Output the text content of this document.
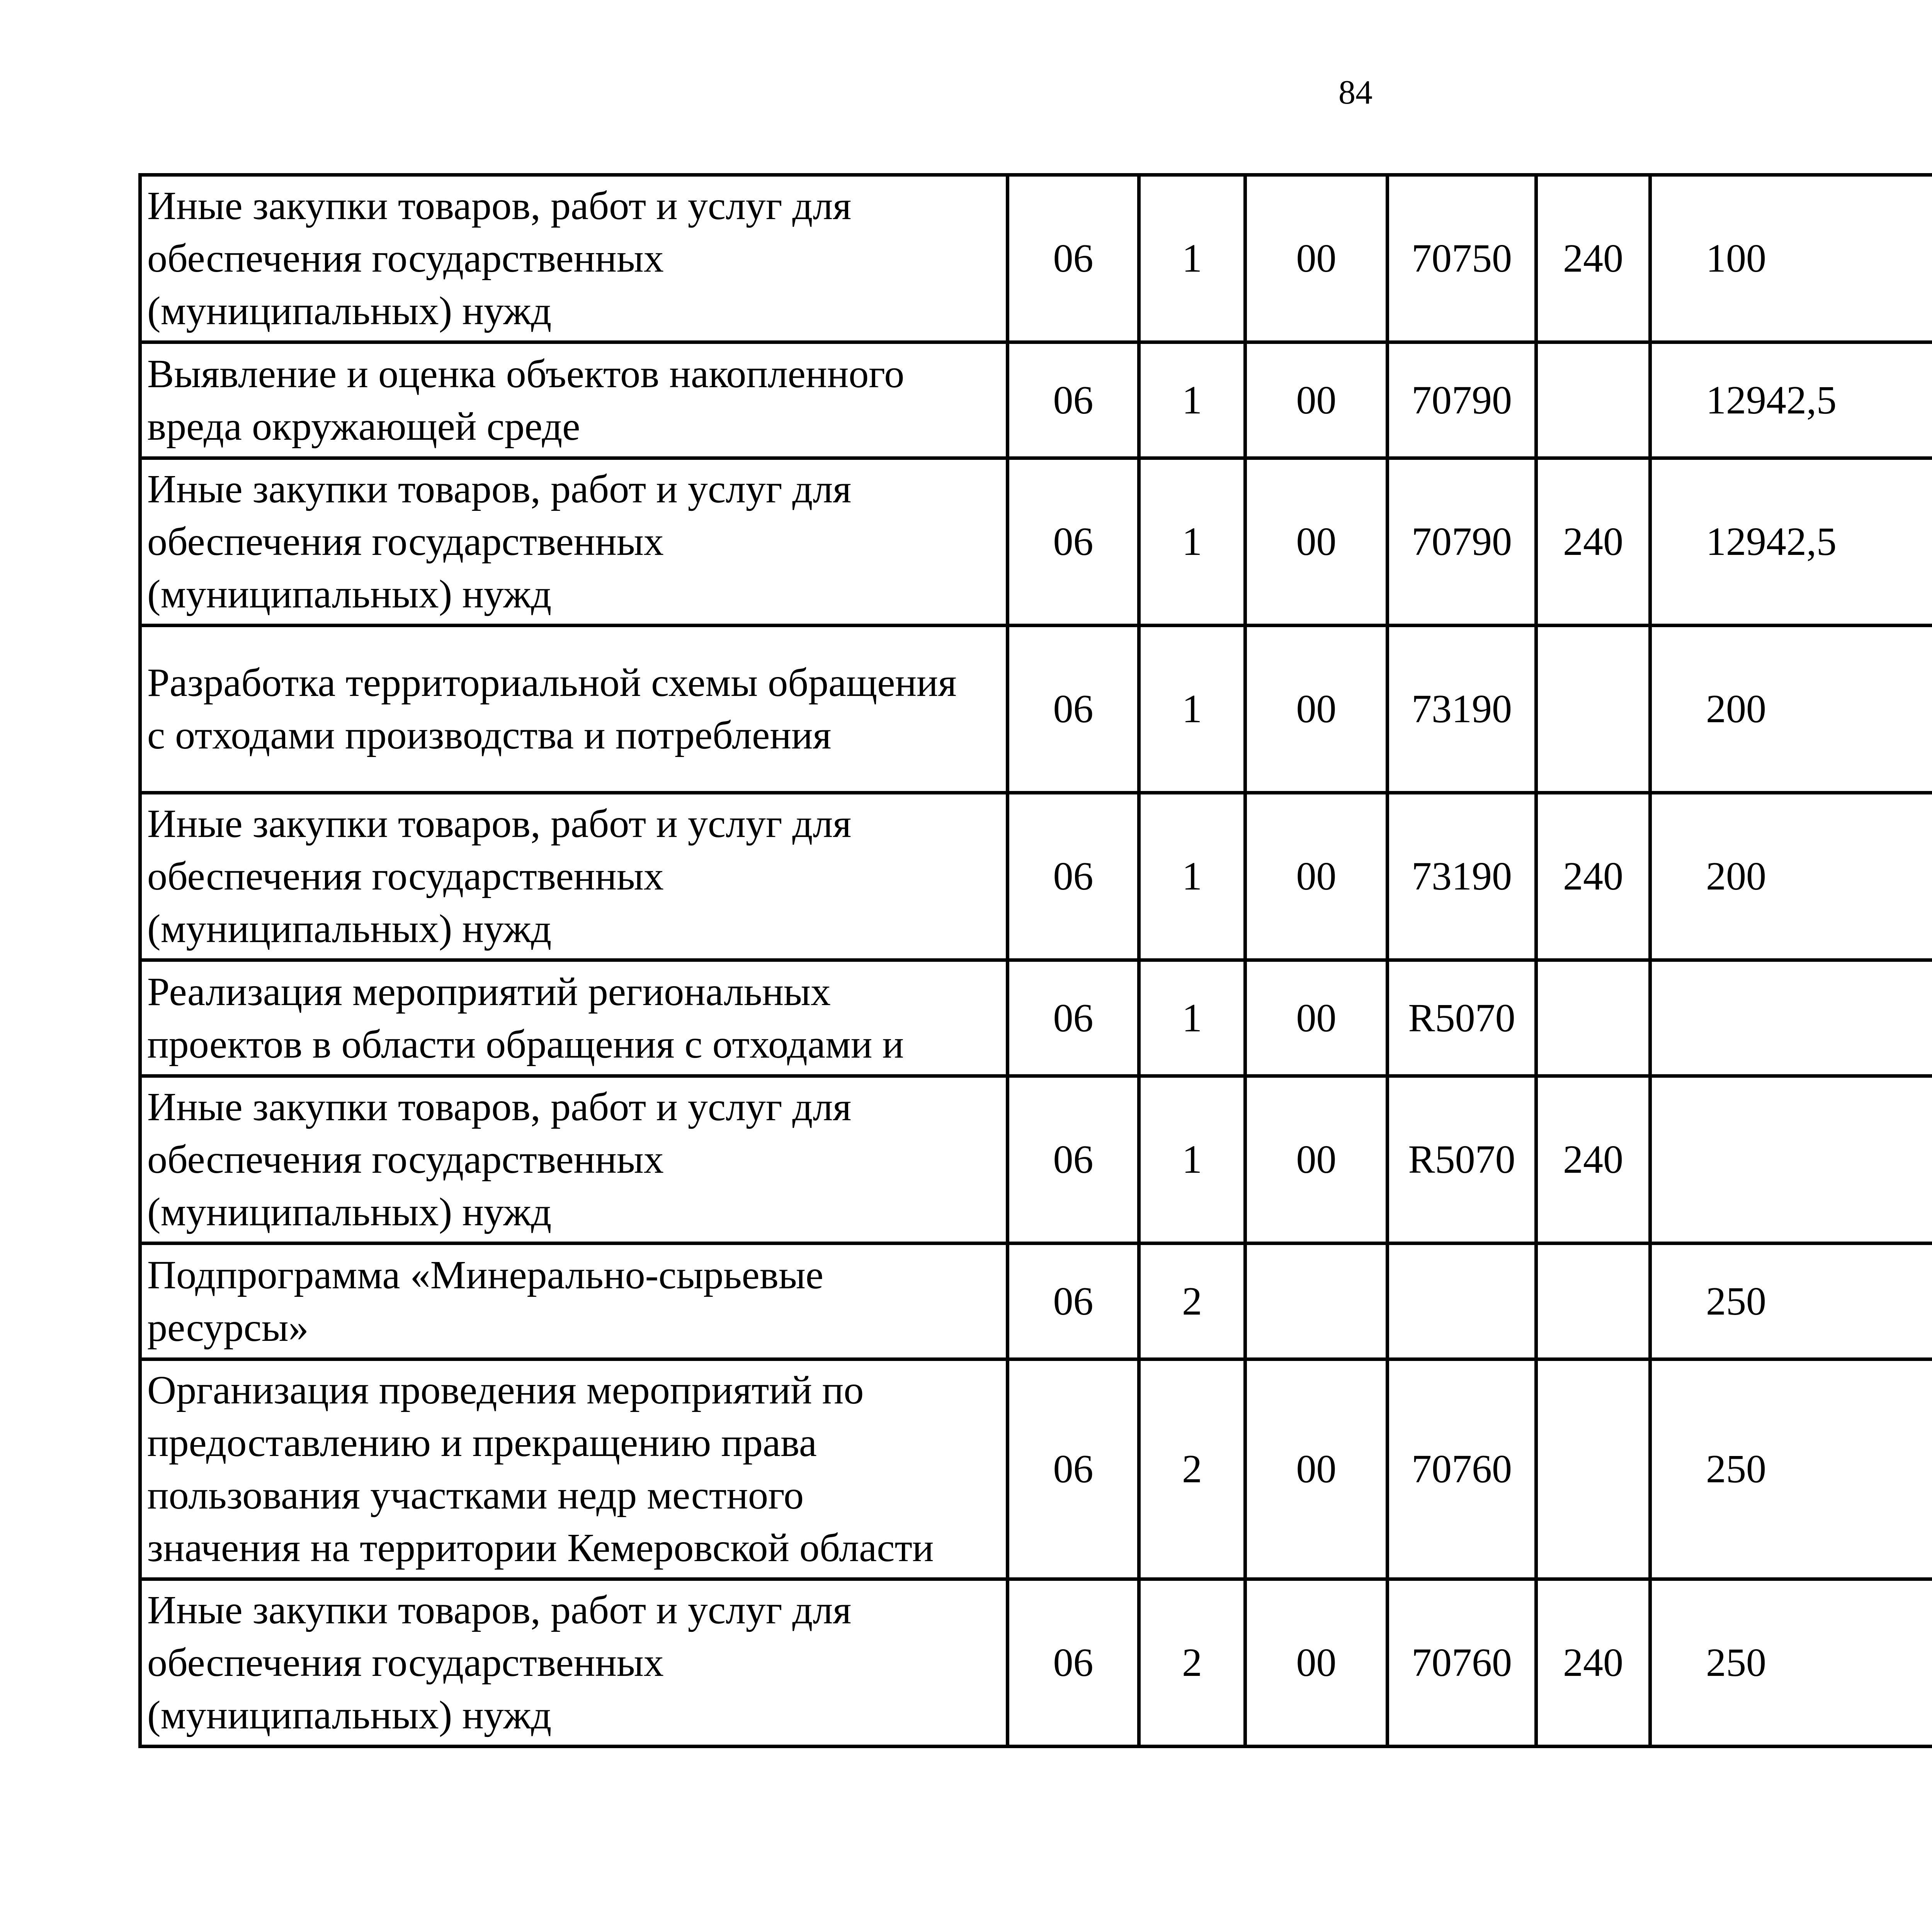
84
Иные закупки товаров, работ и услуг для
обеспечения государственных
(муниципальных) нужд	06	1	00	70750	240	100		

Выявление и оценка объектов накопленного
вреда окружающей среде	06	1	00	70790		12942,5		

Иные закупки товаров, работ и услуг для
обеспечения государственных
(муниципальных) нужд	06	1	00	70790	240	12942,5		

Разработка территориальной схемы обращения
с отходами производства и потребления	06	1	00	73190		200		

Иные закупки товаров, работ и услуг для
обеспечения государственных
(муниципальных) нужд	06	1	00	73190	240	200		

Реализация мероприятий региональных
проектов в области обращения с отходами и	06	1	00	R5070				

Иные закупки товаров, работ и услуг для
обеспечения государственных
(муниципальных) нужд	06	1	00	R5070	240			

Подпрограмма «Минерально-сырьевые
ресурсы»	06	2				250		

Организация проведения мероприятий по
предоставлению и прекращению права
пользования участками недр местного
значения на территории Кемеровской области	06	2	00	70760		250		

Иные закупки товаров, работ и услуг для
обеспечения государственных
(муниципальных) нужд	06	2	00	70760	240	250		
